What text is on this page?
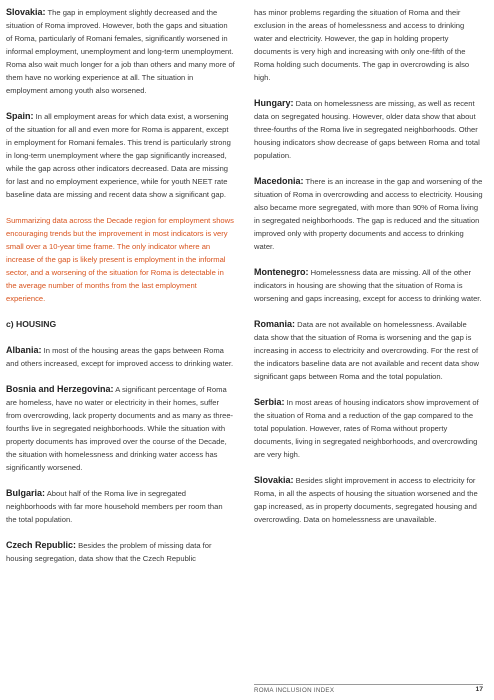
Slovakia: The gap in employment slightly decreased and the situation of Roma improved. However, both the gaps and situation of Roma, particularly of Romani females, significantly worsened in informal employment, unemployment and long-term unemployment. Roma also wait much longer for a job than others and many more of them have no working experience at all. The situation in employment among youth also worsened.

Spain: In all employment areas for which data exist, a worsening of the situation for all and even more for Roma is apparent, except in employment for Romani females. This trend is particularly strong in long-term unemployment where the gap significantly increased, while the gap across other indicators decreased. Data are missing for last and no employment experience, while for youth NEET rate baseline data are missing and recent data show a significant gap.

Summarizing data across the Decade region for employment shows encouraging trends but the improvement in most indicators is very small over a 10-year time frame. The only indicator where an increase of the gap is likely present is employment in the informal sector, and a worsening of the situation for Roma is detectable in the average number of months from the last employment experience.

c) HOUSING

Albania: In most of the housing areas the gaps between Roma and others increased, except for improved access to drinking water.

Bosnia and Herzegovina: A significant percentage of Roma are homeless, have no water or electricity in their homes, suffer from overcrowding, lack property documents and as many as three-fourths live in segregated neighborhoods. While the situation with property documents has improved over the course of the Decade, the situation with homelessness and drinking water access has significantly worsened.

Bulgaria: About half of the Roma live in segregated neighborhoods with far more household members per room than the total population.

Czech Republic: Besides the problem of missing data for housing segregation, data show that the Czech Republic

has minor problems regarding the situation of Roma and their exclusion in the areas of homelessness and access to drinking water and electricity. However, the gap in holding property documents is very high and increasing with only one-fifth of the Roma holding such documents. The gap in overcrowding is also high.

Hungary: Data on homelessness are missing, as well as recent data on segregated housing. However, older data show that about three-fourths of the Roma live in segregated neighborhoods. Other housing indicators show decrease of gaps between Roma and total population.

Macedonia: There is an increase in the gap and worsening of the situation of Roma in overcrowding and access to electricity. Housing also became more segregated, with more than 90% of Roma living in segregated neighborhoods. The gap is reduced and the situation improved only with property documents and access to drinking water.

Montenegro: Homelessness data are missing. All of the other indicators in housing are showing that the situation of Roma is worsening and gaps increasing, except for access to drinking water.

Romania: Data are not available on homelessness. Available data show that the situation of Roma is worsening and the gap is increasing in access to electricity and overcrowding. For the rest of the indicators baseline data are not available and recent data show significant gaps between Roma and the total population.

Serbia: In most areas of housing indicators show improvement of the situation of Roma and a reduction of the gap compared to the total population. However, rates of Roma without property documents, living in segregated neighborhoods, and overcrowding are very high.

Slovakia: Besides slight improvement in access to electricity for Roma, in all the aspects of housing the situation worsened and the gap increased, as in property documents, segregated housing and overcrowding. Data on homelessness are unavailable.

ROMA INCLUSION INDEX	17
